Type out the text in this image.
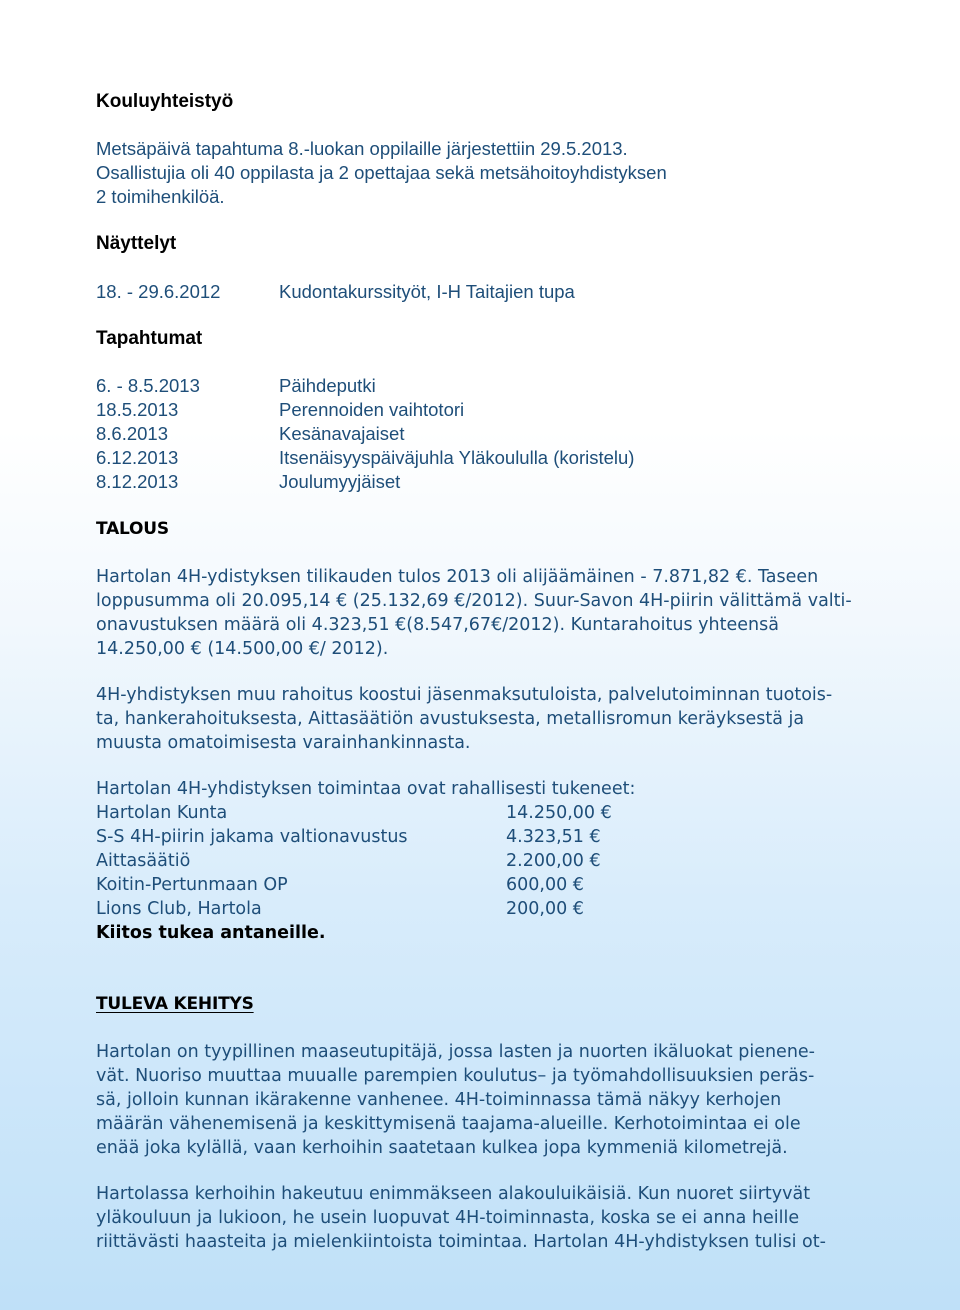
Kouluyhteistyö
Metsäpäivä tapahtuma 8.-luokan oppilaille järjestettiin 29.5.2013.
Osallistujia oli 40 oppilasta ja 2 opettajaa sekä metsähoitoyhdistyksen
2 toimihenkilöä.
Näyttelyt
18. - 29.6.2012	Kudontakurssityöt, I-H Taitajien tupa
Tapahtumat
6. - 8.5.2013	Päihdeputki
18.5.2013	Perennoiden vaihtotori
8.6.2013	Kesänavajaiset
6.12.2013	Itsenäisyyspäiväjuhla Yläkoululla (koristelu)
8.12.2013	Joulumyyjäiset
TALOUS

Hartolan 4H-ydistyksen tilikauden tulos 2013 oli alijäämäinen - 7.871,82 €. Taseen

loppusumma oli 20.095,14 € (25.132,69 €/2012). Suur-Savon 4H-piirin välittämä valti-

onavustuksen määrä oli 4.323,51 €(8.547,67€/2012). Kuntarahoitus yhteensä

14.250,00 € (14.500,00 €/ 2012).

4H-yhdistyksen muu rahoitus koostui jäsenmaksutuloista, palvelutoiminnan tuotois-

ta, hankerahoituksesta, Aittasäätiön avustuksesta, metallisromun keräyksestä ja

muusta omatoimisesta varainhankinnasta.

Hartolan 4H-yhdistyksen toimintaa ovat rahallisesti tukeneet:
Hartolan Kunta	14.250,00 €
S-S 4H-piirin jakama valtionavustus	4.323,51 €
Aittasäätiö	2.200,00 €
Koitin-Pertunmaan OP	600,00 €
Lions Club, Hartola	200,00 €
Kiitos tukea antaneille.
TULEVA KEHITYS

Hartolan on tyypillinen maaseutupitäjä, jossa lasten ja nuorten ikäluokat pienene-

vät. Nuoriso muuttaa muualle parempien koulutus– ja työmahdollisuuksien peräs-

sä, jolloin kunnan ikärakenne vanhenee. 4H-toiminnassa tämä näkyy kerhojen

määrän vähenemisenä ja keskittymisenä taajama-alueille. Kerhotoimintaa ei ole

enää joka kylällä, vaan kerhoihin saatetaan kulkea jopa kymmeniä kilometrejä.

Hartolassa kerhoihin hakeutuu enimmäkseen alakouluikäisiä. Kun nuoret siirtyvät

yläkouluun ja lukioon, he usein luopuvat 4H-toiminnasta, koska se ei anna heille

riittävästi haasteita ja mielenkiintoista toimintaa. Hartolan 4H-yhdistyksen tulisi ot-
